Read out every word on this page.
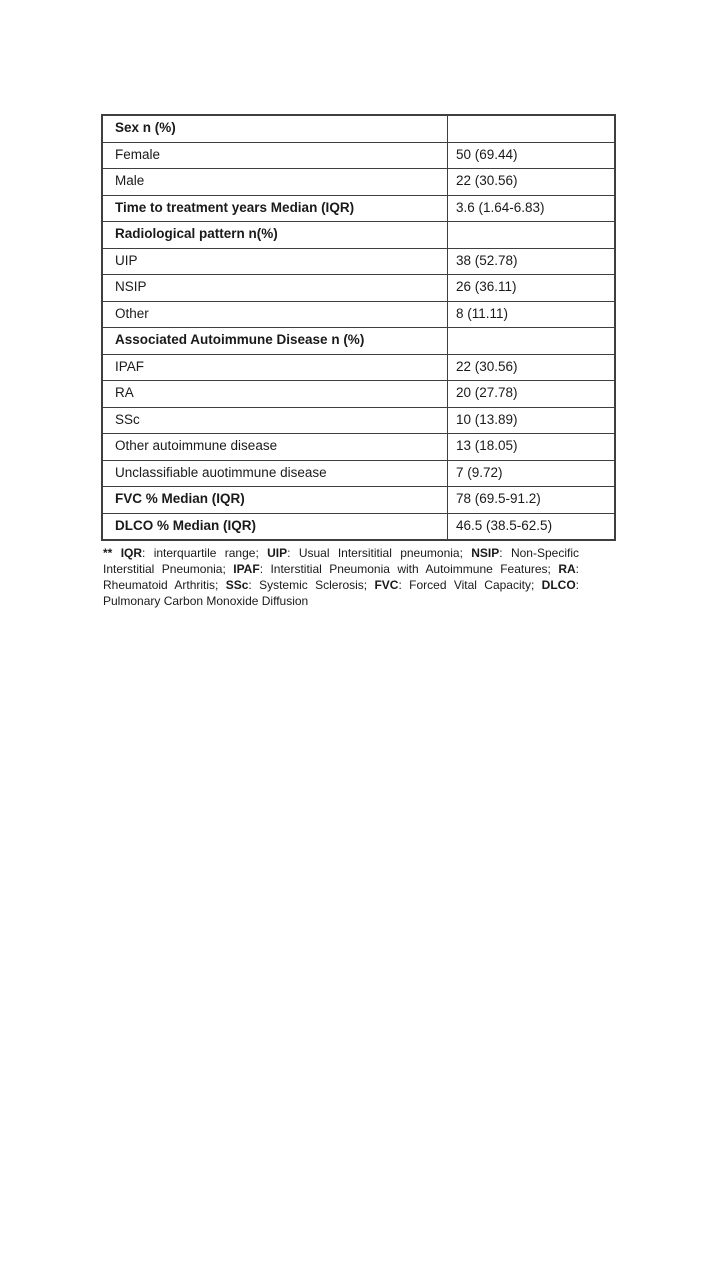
Sex n (%)	
Female	50 (69.44)
Male	22 (30.56)
Time to treatment years Median (IQR)	3.6 (1.64-6.83)
Radiological pattern n(%)	
UIP	38 (52.78)
NSIP	26 (36.11)
Other	8 (11.11)
Associated Autoimmune Disease n (%)	
IPAF	22 (30.56)
RA	20 (27.78)
SSc	10 (13.89)
Other autoimmune disease	13 (18.05)
Unclassifiable auotimmune disease	7 (9.72)
FVC % Median (IQR)	78 (69.5-91.2)
DLCO % Median (IQR)	46.5 (38.5-62.5)

** IQR: interquartile range; UIP: Usual Intersititial pneumonia; NSIP: Non-Specific Interstitial Pneumonia; IPAF: Interstitial Pneumonia with Autoimmune Features; RA: Rheumatoid Arthritis; SSc: Systemic Sclerosis; FVC: Forced Vital Capacity; DLCO: Pulmonary Carbon Monoxide Diffusion
